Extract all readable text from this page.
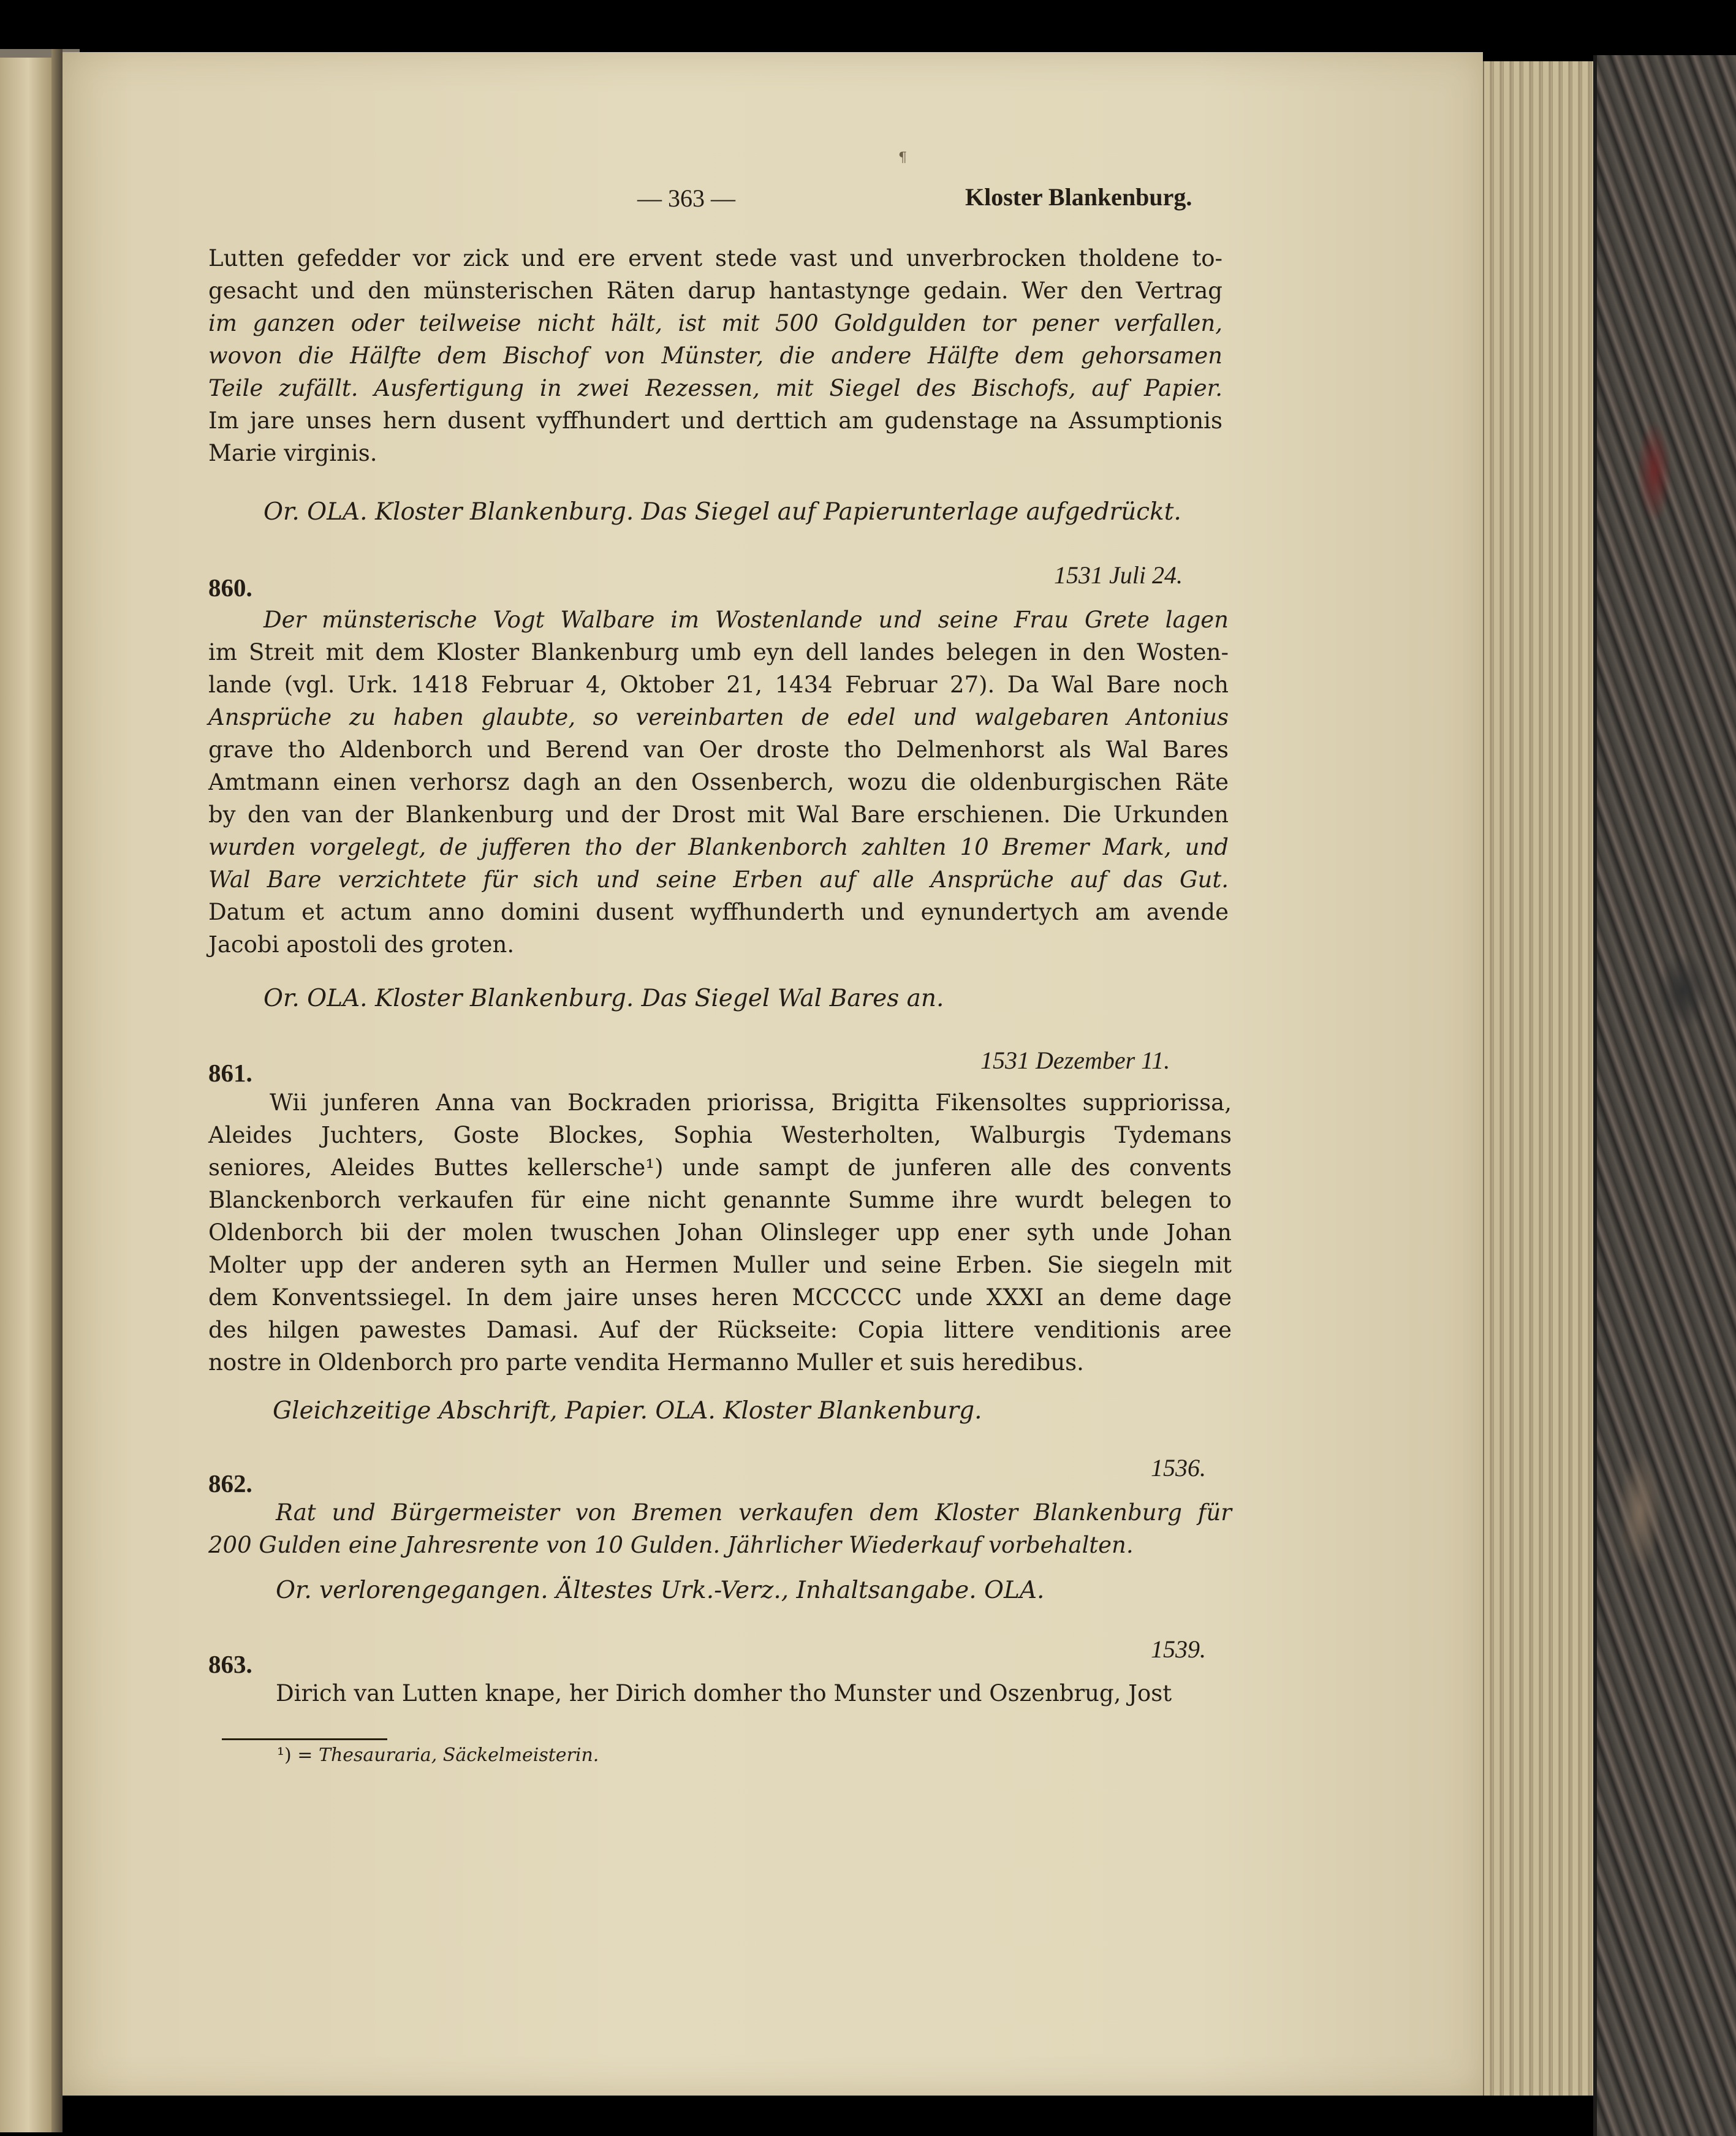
¶
— 363 —	Kloster Blankenburg.
Lutten gefedder vor zick und ere ervent stede vast und unverbrocken tholdene to-
gesacht und den münsterischen Räten darup hantastynge gedain. Wer den Vertrag
im ganzen oder teilweise nicht hält, ist mit 500 Goldgulden tor pener verfallen,
wovon die Hälfte dem Bischof von Münster, die andere Hälfte dem gehorsamen
Teile zufällt. Ausfertigung in zwei Rezessen, mit Siegel des Bischofs, auf Papier.
Im jare unses hern dusent vyffhundert und derttich am gudenstage na Assumptionis
Marie virginis.
Or. OLA. Kloster Blankenburg. Das Siegel auf Papierunterlage aufgedrückt.
860.	1531 Juli 24.
Der münsterische Vogt Walbare im Wostenlande und seine Frau Grete lagen
im Streit mit dem Kloster Blankenburg umb eyn dell landes belegen in den Wosten-
lande (vgl. Urk. 1418 Februar 4, Oktober 21, 1434 Februar 27). Da Wal Bare noch
Ansprüche zu haben glaubte, so vereinbarten de edel und walgebaren Antonius
grave tho Aldenborch und Berend van Oer droste tho Delmenhorst als Wal Bares
Amtmann einen verhorsz dagh an den Ossenberch, wozu die oldenburgischen Räte
by den van der Blankenburg und der Drost mit Wal Bare erschienen. Die Urkunden
wurden vorgelegt, de jufferen tho der Blankenborch zahlten 10 Bremer Mark, und
Wal Bare verzichtete für sich und seine Erben auf alle Ansprüche auf das Gut.
Datum et actum anno domini dusent wyffhunderth und eynundertych am avende
Jacobi apostoli des groten.
Or. OLA. Kloster Blankenburg. Das Siegel Wal Bares an.
861.	1531 Dezember 11.
Wii junferen Anna van Bockraden priorissa, Brigitta Fikensoltes suppriorissa,
Aleides Juchters, Goste Blockes, Sophia Westerholten, Walburgis Tydemans
seniores, Aleides Buttes kellersche¹) unde sampt de junferen alle des convents
Blanckenborch verkaufen für eine nicht genannte Summe ihre wurdt belegen to
Oldenborch bii der molen twuschen Johan Olinsleger upp ener syth unde Johan
Molter upp der anderen syth an Hermen Muller und seine Erben. Sie siegeln mit
dem Konventssiegel. In dem jaire unses heren MCCCCC unde XXXI an deme dage
des hilgen pawestes Damasi. Auf der Rückseite: Copia littere venditionis aree
nostre in Oldenborch pro parte vendita Hermanno Muller et suis heredibus.
Gleichzeitige Abschrift, Papier. OLA. Kloster Blankenburg.
862.
1536.
Rat und Bürgermeister von Bremen verkaufen dem Kloster Blankenburg für
200 Gulden eine Jahresrente von 10 Gulden. Jährlicher Wiederkauf vorbehalten.
Or. verlorengegangen. Ältestes Urk.-Verz., Inhaltsangabe. OLA.
863.
1539.
Dirich van Lutten knape, her Dirich domher tho Munster und Oszenbrug, Jost
¹) = Thesauraria, Säckelmeisterin.
